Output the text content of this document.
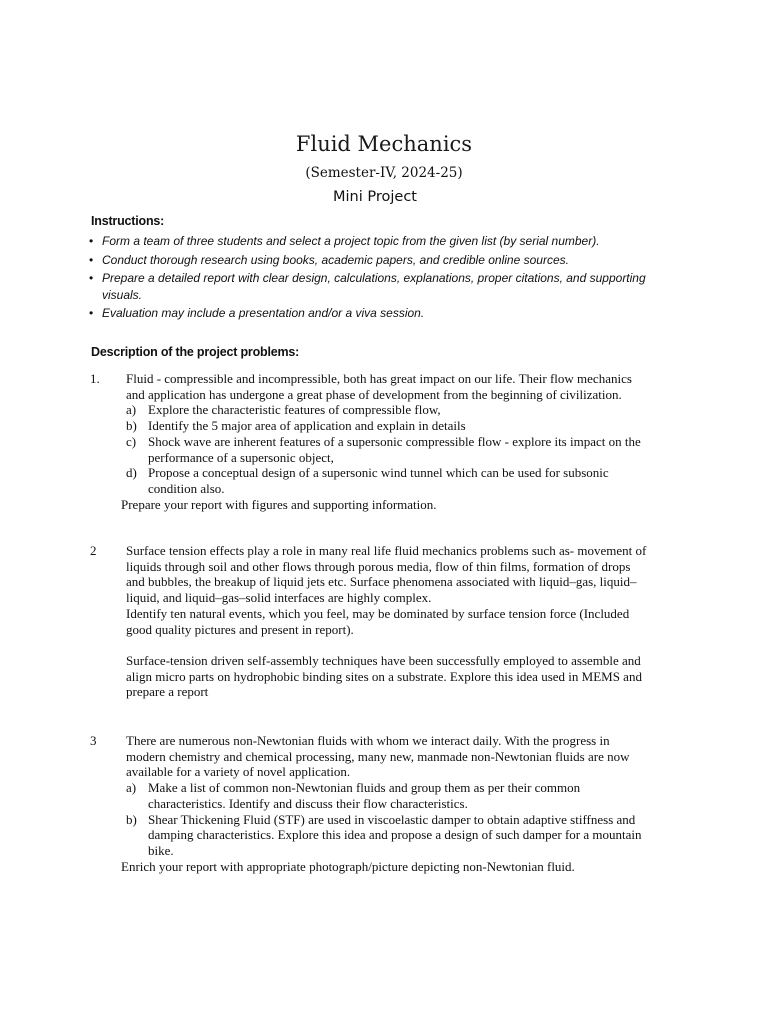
Fluid Mechanics
(Semester-IV, 2024-25)
Mini Project
Instructions:
• Form a team of three students and select a project topic from the given list (by serial number).
• Conduct thorough research using books, academic papers, and credible online sources.
• Prepare a detailed report with clear design, calculations, explanations, proper citations, and supporting visuals.
• Evaluation may include a presentation and/or a viva session.
Description of the project problems:
1. Fluid - compressible and incompressible, both has great impact on our life. Their flow mechanics and application has undergone a great phase of development from the beginning of civilization.

a) Explore the characteristic features of compressible flow,
b) Identify the 5 major area of application and explain in details
c) Shock wave are inherent features of a supersonic compressible flow - explore its impact on the performance of a supersonic object,
d) Propose a conceptual design of a supersonic wind tunnel which can be used for subsonic condition also.

Prepare your report with figures and supporting information.

2 Surface tension effects play a role in many real life fluid mechanics problems such as- movement of liquids through soil and other flows through porous media, flow of thin films, formation of drops and bubbles, the breakup of liquid jets etc. Surface phenomena associated with liquid–gas, liquid–liquid, and liquid–gas–solid interfaces are highly complex.

Identify ten natural events, which you feel, may be dominated by surface tension force (Included good quality pictures and present in report).

Surface-tension driven self-assembly techniques have been successfully employed to assemble and align micro parts on hydrophobic binding sites on a substrate. Explore this idea used in MEMS and prepare a report

3 There are numerous non-Newtonian fluids with whom we interact daily. With the progress in modern chemistry and chemical processing, many new, manmade non-Newtonian fluids are now available for a variety of novel application.

a) Make a list of common non-Newtonian fluids and group them as per their common characteristics. Identify and discuss their flow characteristics.
b) Shear Thickening Fluid (STF) are used in viscoelastic damper to obtain adaptive stiffness and damping characteristics. Explore this idea and propose a design of such damper for a mountain bike.

Enrich your report with appropriate photograph/picture depicting non-Newtonian fluid.
